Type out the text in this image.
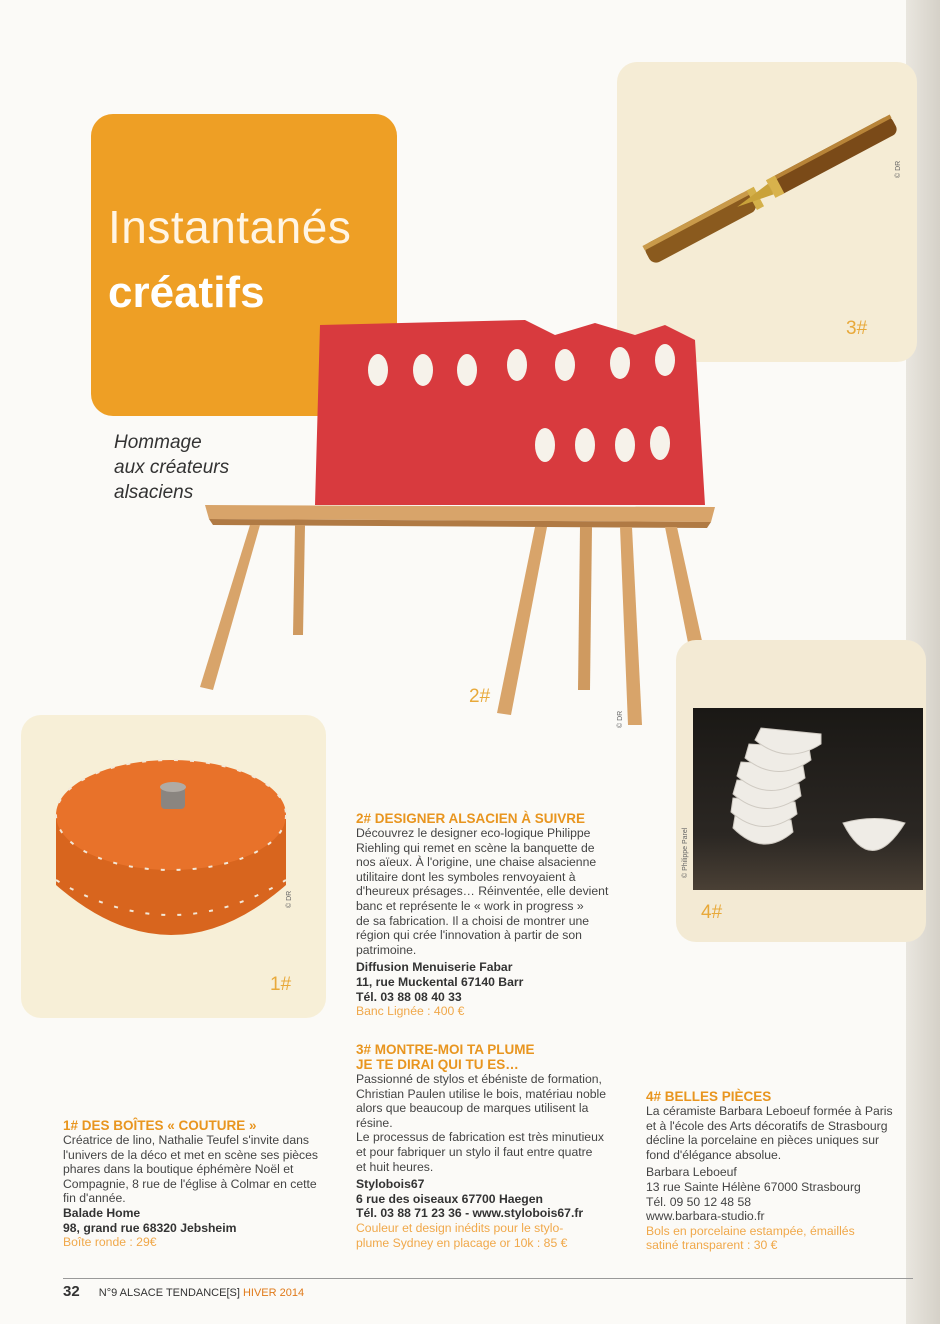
Instantanés
créatifs
Hommage
aux créateurs
alsaciens
3#
© DR
2#
© DR
1#
© DR
4#
© Philippe Parel
2# DESIGNER ALSACIEN À SUIVRE
Découvrez le designer eco-logique Philippe
Riehling qui remet en scène la banquette de
nos aïeux. À l'origine, une chaise alsacienne
utilitaire dont les symboles renvoyaient à
d'heureux présages… Réinventée, elle devient
banc et représente le « work in progress »
de sa fabrication. Il a choisi de montrer une
région qui crée l'innovation à partir de son
patrimoine.
Diffusion Menuiserie Fabar
11, rue Muckental 67140 Barr
Tél. 03 88 08 40 33
Banc Lignée : 400 €
3# MONTRE-MOI TA PLUME
JE TE DIRAI QUI TU ES…
Passionné de stylos et ébéniste de formation,
Christian Paulen utilise le bois, matériau noble
alors que beaucoup de marques utilisent la
résine.
Le processus de fabrication est très minutieux
et pour fabriquer un stylo il faut entre quatre
et huit heures.
Stylobois67
6 rue des oiseaux 67700 Haegen
Tél. 03 88 71 23 36 - www.stylobois67.fr
Couleur et design inédits pour le stylo-
plume Sydney en placage or 10k : 85 €
1# DES BOÎTES « COUTURE »
Créatrice de lino, Nathalie Teufel s'invite dans
l'univers de la déco et met en scène ses pièces
phares dans la boutique éphémère Noël et
Compagnie, 8 rue de l'église à Colmar en cette
fin d'année.
Balade Home
98, grand rue 68320 Jebsheim
Boîte ronde : 29€
4# BELLES PIÈCES
La céramiste Barbara Leboeuf formée à Paris
et à l'école des Arts décoratifs de Strasbourg
décline la porcelaine en pièces uniques sur
fond d'élégance absolue.
Barbara Leboeuf
13 rue Sainte Hélène 67000 Strasbourg
Tél. 09 50 12 48 58
www.barbara-studio.fr
Bols en porcelaine estampée, émaillés
satiné transparent : 30 €
32 N°9 ALSACE TENDANCE[S] HIVER 2014
